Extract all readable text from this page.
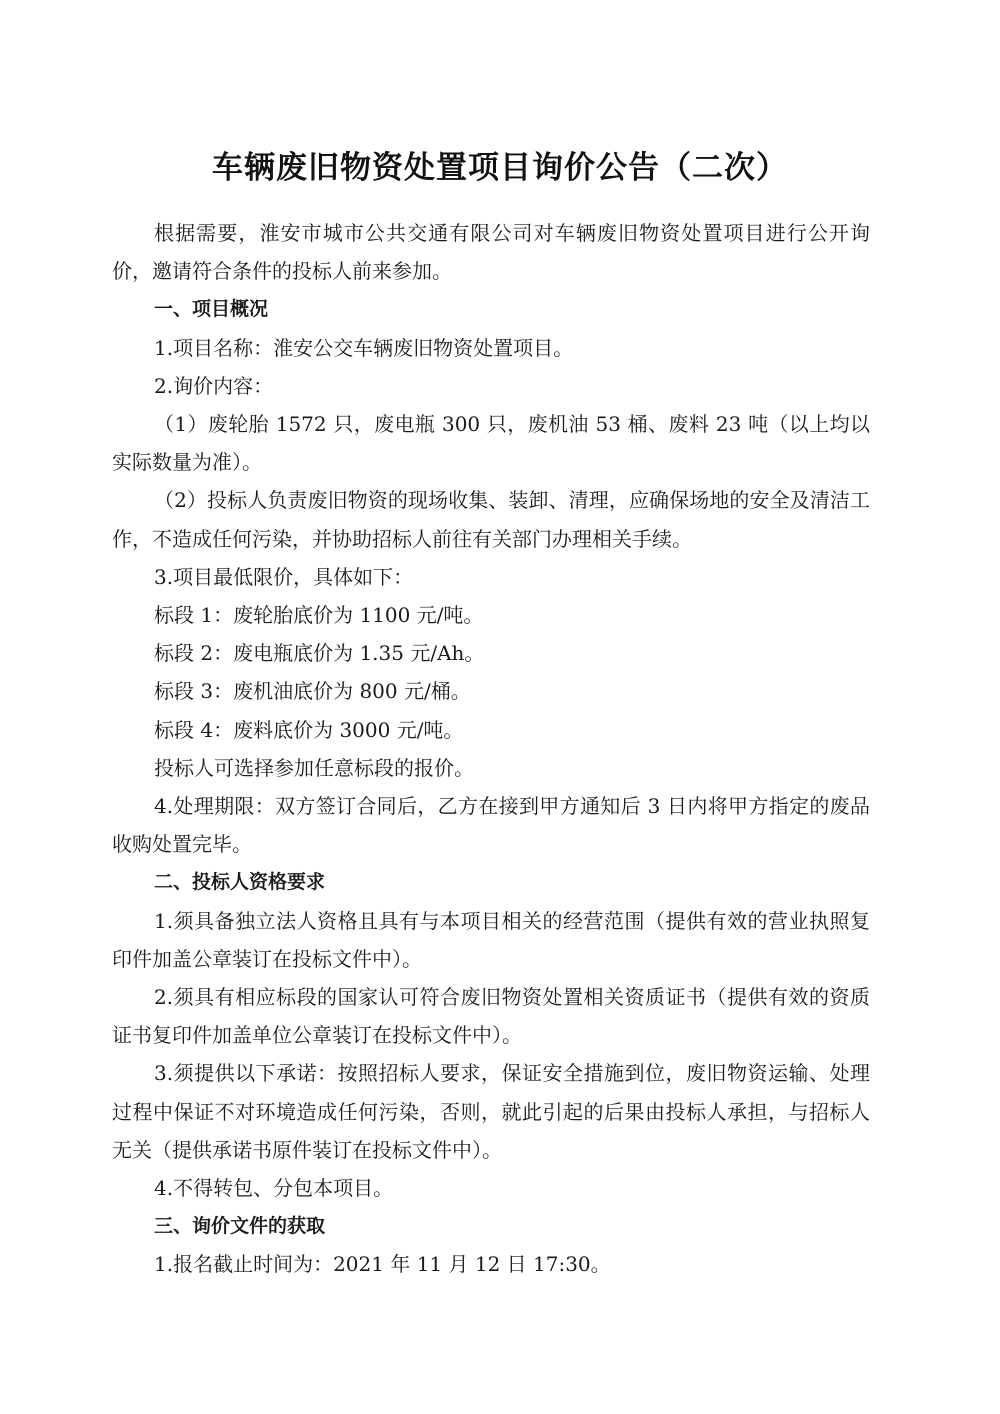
车辆废旧物资处置项目询价公告（二次）

根据需要，淮安市城市公共交通有限公司对车辆废旧物资处置项目进行公开询价，邀请符合条件的投标人前来参加。

一、项目概况

1.项目名称：淮安公交车辆废旧物资处置项目。

2.询价内容：

（1）废轮胎 1572 只，废电瓶 300 只，废机油 53 桶、废料 23 吨（以上均以实际数量为准）。

（2）投标人负责废旧物资的现场收集、装卸、清理，应确保场地的安全及清洁工作，不造成任何污染，并协助招标人前往有关部门办理相关手续。

3.项目最低限价，具体如下：

标段 1：废轮胎底价为 1100 元/吨。

标段 2：废电瓶底价为 1.35 元/Ah。

标段 3：废机油底价为 800 元/桶。

标段 4：废料底价为 3000 元/吨。

投标人可选择参加任意标段的报价。

4.处理期限：双方签订合同后，乙方在接到甲方通知后 3 日内将甲方指定的废品收购处置完毕。

二、投标人资格要求

1.须具备独立法人资格且具有与本项目相关的经营范围（提供有效的营业执照复印件加盖公章装订在投标文件中）。

2.须具有相应标段的国家认可符合废旧物资处置相关资质证书（提供有效的资质证书复印件加盖单位公章装订在投标文件中）。

3.须提供以下承诺：按照招标人要求，保证安全措施到位，废旧物资运输、处理过程中保证不对环境造成任何污染，否则，就此引起的后果由投标人承担，与招标人无关（提供承诺书原件装订在投标文件中）。

4.不得转包、分包本项目。

三、询价文件的获取

1.报名截止时间为：2021 年 11 月 12 日 17:30。
